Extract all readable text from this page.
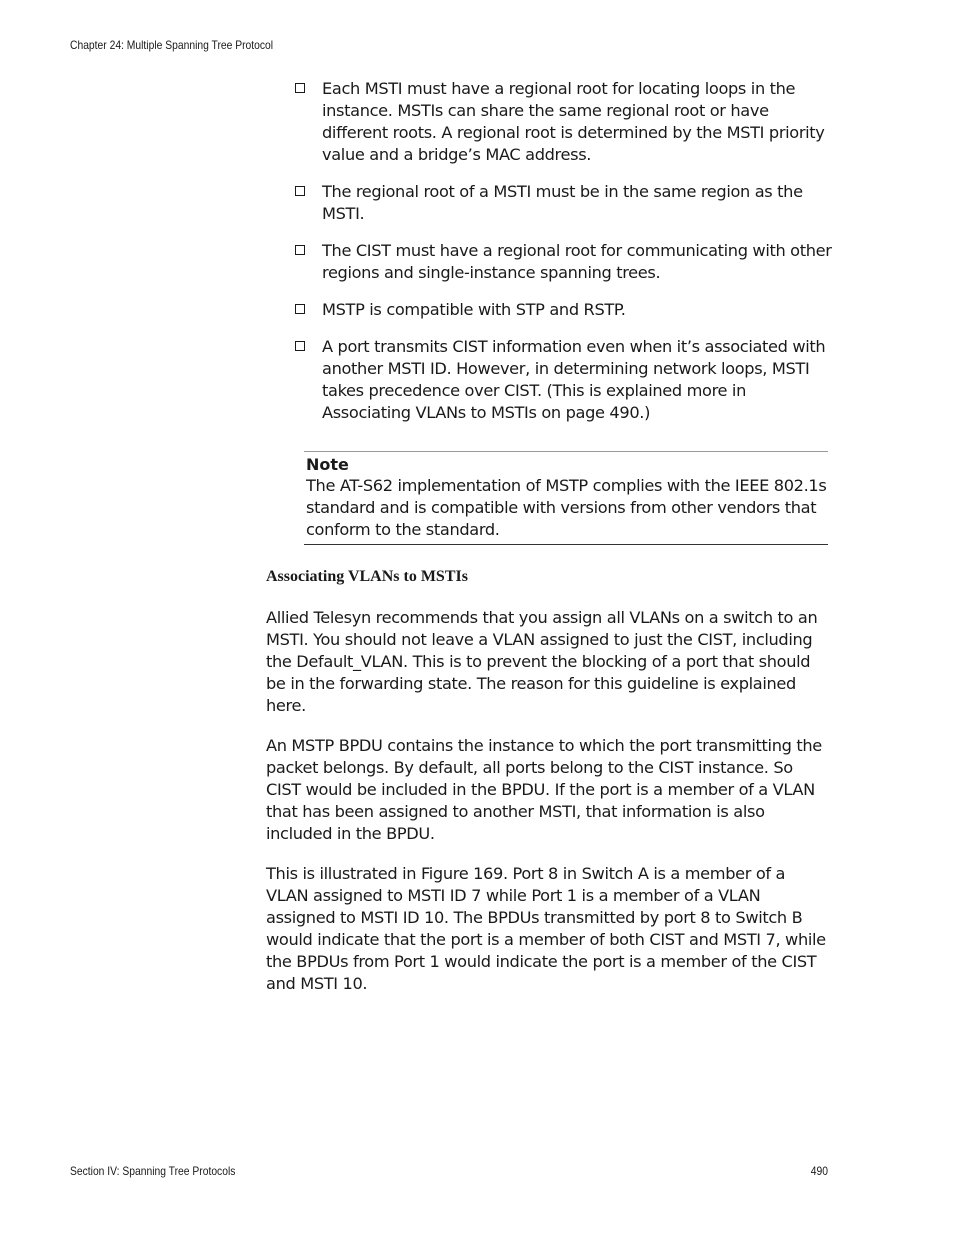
Chapter 24: Multiple Spanning Tree Protocol
Each MSTI must have a regional root for locating loops in the instance. MSTIs can share the same regional root or have different roots. A regional root is determined by the MSTI priority value and a bridge’s MAC address.
The regional root of a MSTI must be in the same region as the MSTI.
The CIST must have a regional root for communicating with other regions and single-instance spanning trees.
MSTP is compatible with STP and RSTP.
A port transmits CIST information even when it’s associated with another MSTI ID. However, in determining network loops, MSTI takes precedence over CIST. (This is explained more in Associating VLANs to MSTIs on page 490.)
Note
The AT-S62 implementation of MSTP complies with the IEEE 802.1s standard and is compatible with versions from other vendors that conform to the standard.
Associating VLANs to MSTIs
Allied Telesyn recommends that you assign all VLANs on a switch to an MSTI. You should not leave a VLAN assigned to just the CIST, including the Default_VLAN. This is to prevent the blocking of a port that should be in the forwarding state. The reason for this guideline is explained here.
An MSTP BPDU contains the instance to which the port transmitting the packet belongs. By default, all ports belong to the CIST instance. So CIST would be included in the BPDU. If the port is a member of a VLAN that has been assigned to another MSTI, that information is also included in the BPDU.
This is illustrated in Figure 169. Port 8 in Switch A is a member of a VLAN assigned to MSTI ID 7 while Port 1 is a member of a VLAN assigned to MSTI ID 10. The BPDUs transmitted by port 8 to Switch B would indicate that the port is a member of both CIST and MSTI 7, while the BPDUs from Port 1 would indicate the port is a member of the CIST and MSTI 10.
Section IV: Spanning Tree Protocols	490
